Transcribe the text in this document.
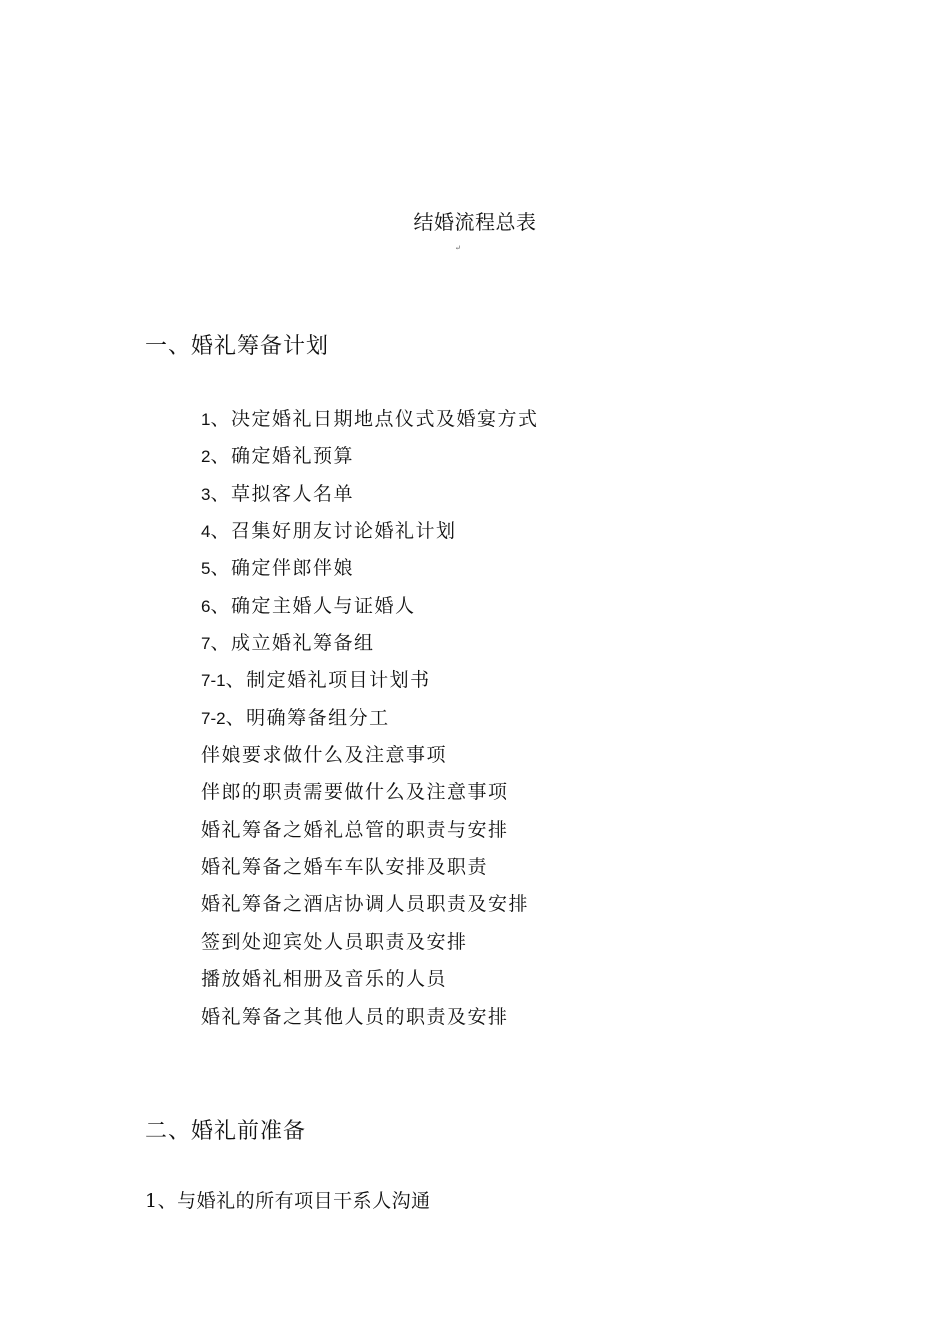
结婚流程总表
↵
一、婚礼筹备计划
1、决定婚礼日期地点仪式及婚宴方式
2、确定婚礼预算
3、草拟客人名单
4、召集好朋友讨论婚礼计划
5、确定伴郎伴娘
6、确定主婚人与证婚人
7、成立婚礼筹备组
7-1、制定婚礼项目计划书
7-2、明确筹备组分工
伴娘要求做什么及注意事项
伴郎的职责需要做什么及注意事项
婚礼筹备之婚礼总管的职责与安排
婚礼筹备之婚车车队安排及职责
婚礼筹备之酒店协调人员职责及安排
签到处迎宾处人员职责及安排
播放婚礼相册及音乐的人员
婚礼筹备之其他人员的职责及安排
二、婚礼前准备
1、与婚礼的所有项目干系人沟通
